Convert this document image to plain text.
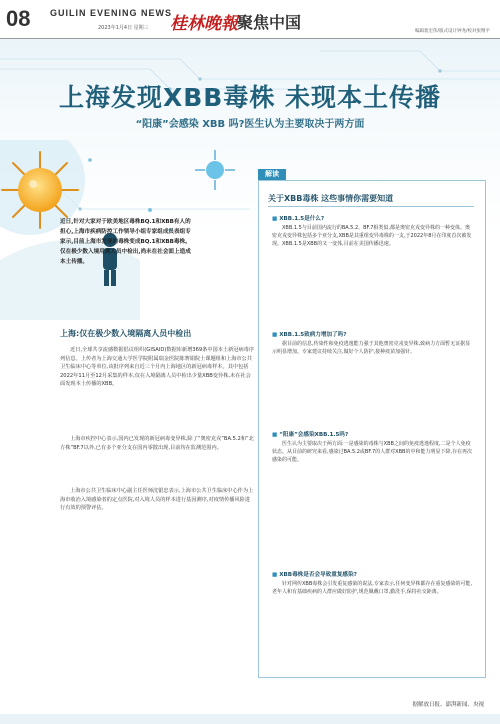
08 GUILIN EVENING NEWS
2023年1月4日 星期三 桂林晚報 聚焦中国	编辑裴宏伟/版式设计钟尧/校对张继平
上海发现XBB毒株 未现本土传播
“阳康”会感染 XBB 吗?医生认为主要取决于两方面
近日,针对大家对于欧美地区毒株BQ.1和XBB有人的担心,上海市疾病防控工作领导小组专家组成员表组专家示,目前上海市发现的毒株变成BQ.1和XBB毒株。仅在极少数入境用离人员中检出,尚未在社会面上造成本土传播。
上海:仅在极少数入境隔离人员中检出

近日,全球共享流感数据倡议组织(GISAID)数据库新增369条中国本土新冠病毒序列信息。上传者为上海交通大学医学院附属瑞金医院陈赛娟院士课题组和上海市公共卫生临床中心等单位,该批序列来自近三个月内上海地区的新冠病毒样本。其中包括2022年11月至12月采集的样本,仅在入境隔离人员中检出少量XBB变异株,未在社会面发现本土传播的XBB。

上海市疾控中心表示,国内已发现的新冠病毒变异株,除了“奥密克戎”BA.5.2和“北方株”BF.7以外,已有多个亚分支在国内零散出现,目前均在监测范围内。

上海市公共卫生临床中心副主任医师沈银忠表示,上海市公共卫生临床中心作为上海市收治入境感染者的定点医院,对入境人员的样本进行基因测序,对疫情传播风险进行有效的预警评估。

解读
关于XBB毒株 这些事情你需要知道
■ XBB.1.5是什么?

XBB.1.5与目前国内流行的BA.5.2、BF.7相类似,都是奥密克戎变异株的一种变体。奥密克戎变异株包括多个亚分支,XBB是其重组变异毒株的一支,于2022年8月在印度首次被发现。XBB.1.5是XBB的又一变体,目前在美国传播迅速。

■ XBB.1.5致病力增加了吗?

据目前的信息,传染性和免疫逃逸能力强于其他奥密克戎变异株,致病力方面暂无证据显示明显增加。专家建议持续关注,做好个人防护,接种疫苗加强针。

■ “阳康”会感染XBB.1.5吗?

医生认为主要取决于两方面:一是感染的毒株与XBB之间的免疫逃逸程度,二是个人免疫状态。从目前的研究来看,感染过BA.5.2或BF.7的人群对XBB的中和能力明显下降,存在再次感染的可能。

■ XBB毒株是否会导致重复感染?

针对网传XBB毒株会引发重复感染的说法,专家表示,任何变异株都存在重复感染的可能,老年人和有基础疾病的人群应做好防护,规范佩戴口罩,勤洗手,保持社交距离。

据解放日报、澎湃新闻、央视
